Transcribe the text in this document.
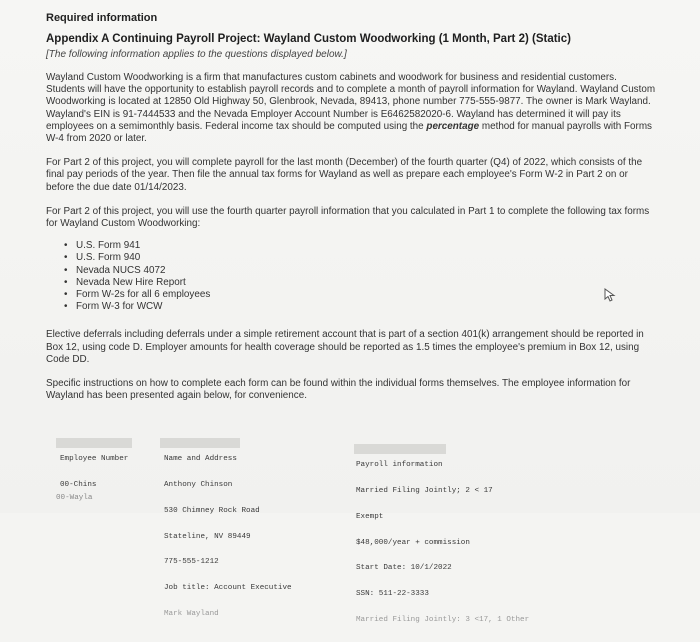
Required information
Appendix A Continuing Payroll Project: Wayland Custom Woodworking (1 Month, Part 2) (Static)
[The following information applies to the questions displayed below.]

Wayland Custom Woodworking is a firm that manufactures custom cabinets and woodwork for business and residential customers. Students will have the opportunity to establish payroll records and to complete a month of payroll information for Wayland. Wayland Custom Woodworking is located at 12850 Old Highway 50, Glenbrook, Nevada, 89413, phone number 775-555-9877. The owner is Mark Wayland. Wayland's EIN is 91-7444533 and the Nevada Employer Account Number is E6462582020-6. Wayland has determined it will pay its employees on a semimonthly basis. Federal income tax should be computed using the percentage method for manual payrolls with Forms W-4 from 2020 or later.

For Part 2 of this project, you will complete payroll for the last month (December) of the fourth quarter (Q4) of 2022, which consists of the final pay periods of the year. Then file the annual tax forms for Wayland as well as prepare each employee's Form W-2 in Part 2 on or before the due date 01/14/2023.

For Part 2 of this project, you will use the fourth quarter payroll information that you calculated in Part 1 to complete the following tax forms for Wayland Custom Woodworking:

• U.S. Form 941
• U.S. Form 940
• Nevada NUCS 4072
• Nevada New Hire Report
• Form W-2s for all 6 employees
• Form W-3 for WCW

Elective deferrals including deferrals under a simple retirement account that is part of a section 401(k) arrangement should be reported in Box 12, using code D. Employer amounts for health coverage should be reported as 1.5 times the employee's premium in Box 12, using Code DD.

Specific instructions on how to complete each form can be found within the individual forms themselves. The employee information for Wayland has been presented again below, for convenience.

Employee Number

00-Chins

00-Wayla

Name and Address

Anthony Chinson

530 Chimney Rock Road

Stateline, NV 89449

775-555-1212

Job title: Account Executive

Mark Wayland

Payroll information

Married Filing Jointly; 2 < 17

Exempt

$48,000/year + commission

Start Date: 10/1/2022

SSN: 511-22-3333

Married Filing Jointly: 3 <17, 1 Other
